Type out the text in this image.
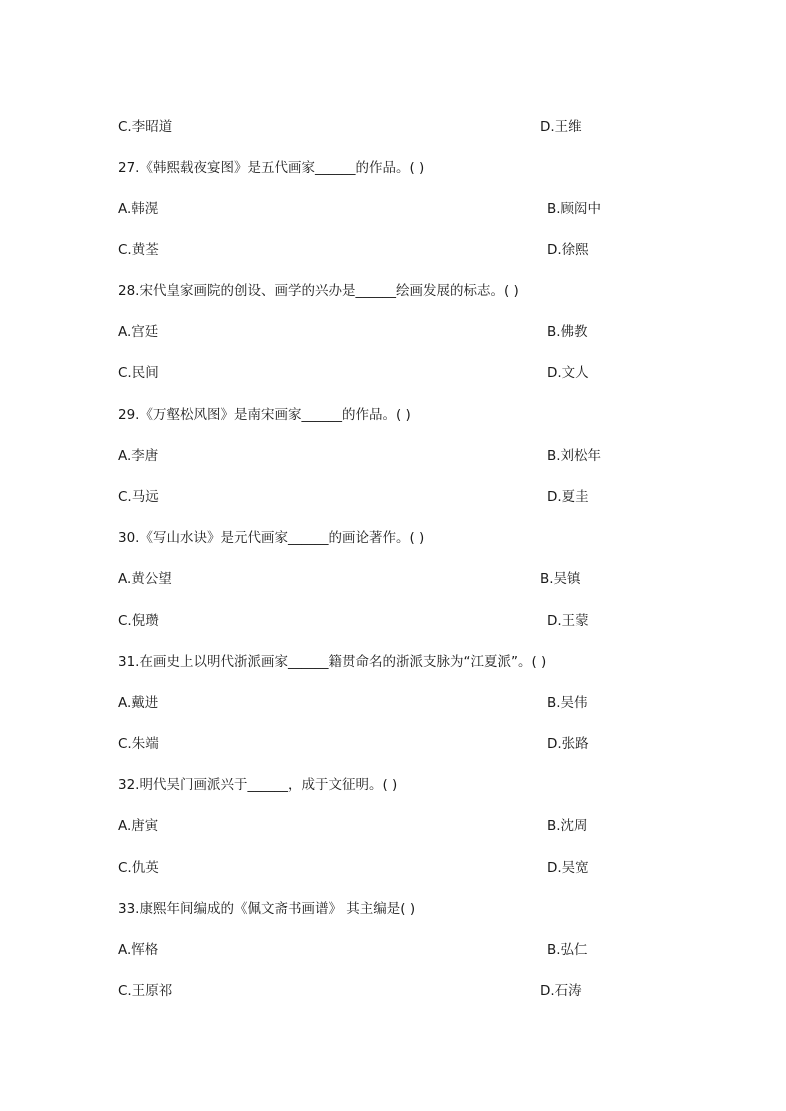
C.李昭道	D.王维
27.《韩熙载夜宴图》是五代画家______的作品。( )
A.韩滉	B.顾闳中
C.黄荃	D.徐熙
28.宋代皇家画院的创设、画学的兴办是______绘画发展的标志。( )
A.宫廷	B.佛教
C.民间	D.文人
29.《万壑松风图》是南宋画家______的作品。( )
A.李唐	B.刘松年
C.马远	D.夏圭
30.《写山水诀》是元代画家______的画论著作。( )
A.黄公望	B.吴镇
C.倪瓒	D.王蒙
31.在画史上以明代浙派画家______籍贯命名的浙派支脉为“江夏派”。( )
A.戴进	B.吴伟
C.朱端	D.张路
32.明代吴门画派兴于______，成于文征明。( )
A.唐寅	B.沈周
C.仇英	D.吴宽
33.康熙年间编成的《佩文斋书画谱》 其主编是( )
A.恽格	B.弘仁
C.王原祁	D.石涛
